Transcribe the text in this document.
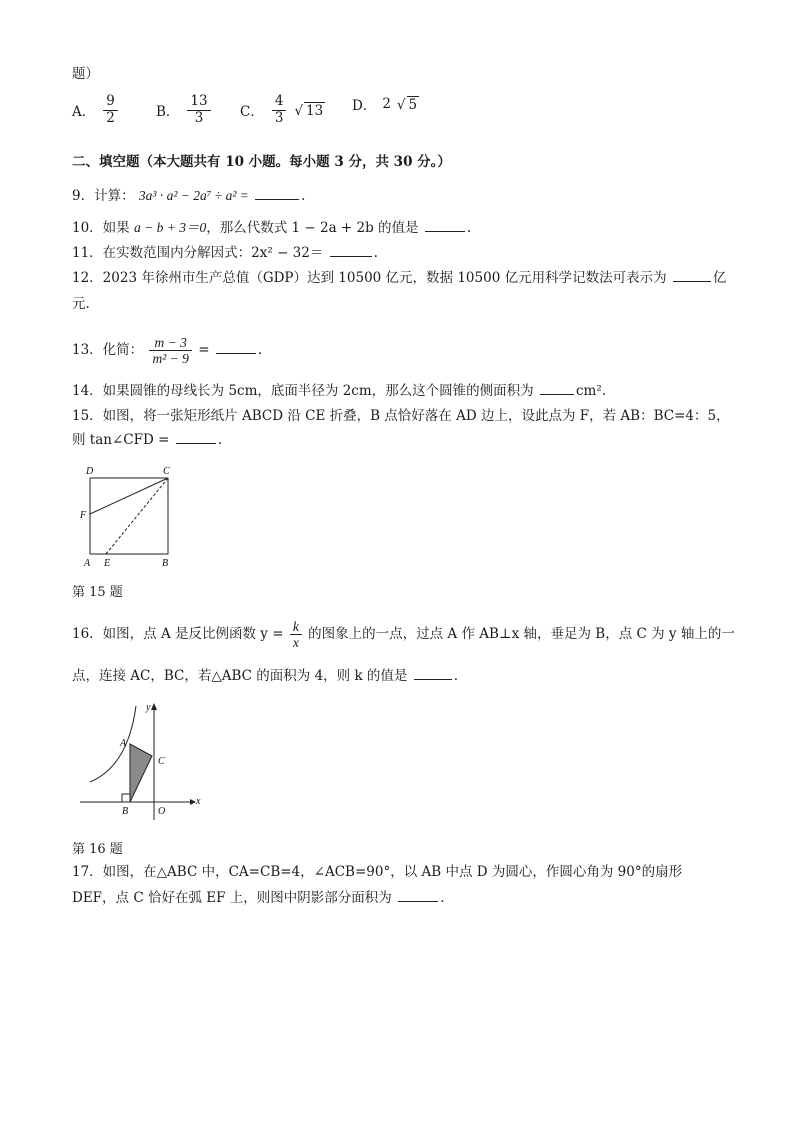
题）
A． $\frac{9}{2}$	B． $\frac{13}{3}$ C． $\frac{4}{3}$ √ 13 D． 2 √ 5
二、填空题（本大题共有 10 小题。每小题 3 分，共 30 分。）
9．计算： 3a³ · a² − 2a⁷ ÷ a² =	.
10．如果 a − b + 3＝0，那么代数式 1 − 2a + 2b 的值是	.
11．在实数范围内分解因式：2x² − 32＝	.
12．2023 年徐州市生产总值（GDP）达到 10500 亿元，数据 10500 亿元用科学记数法可表示为	亿
元.
13．化简： $\frac{m - 3}{\text{m² − 9}}$ =	.
14．如果圆锥的母线长为 5cm，底面半径为 2cm，那么这个圆锥的侧面积为	cm².
15．如图，将一张矩形纸片 ABCD 沿 CE 折叠，B 点恰好落在 AD 边上，设此点为 F，若 AB：BC=4：5，
则 tan∠CFD =	.
D	C
F
A E	B
第 15 题
16．如图，点 A 是反比例函数 $y = \frac{k}{x}$ 的图象上的一点，过点 A 作 AB⊥x 轴，垂足为 B，点 C 为 y 轴上的一
点，连接 AC，BC，若△ABC 的面积为 4，则 k 的值是	.
y
x
A
B
C
O
第 16 题
17．如图，在△ABC 中，CA=CB=4，∠ACB=90°，以 AB 中点 D 为圆心，作圆心角为 90°的扇形
DEF，点 C 恰好在弧 EF 上，则图中阴影部分面积为	.
